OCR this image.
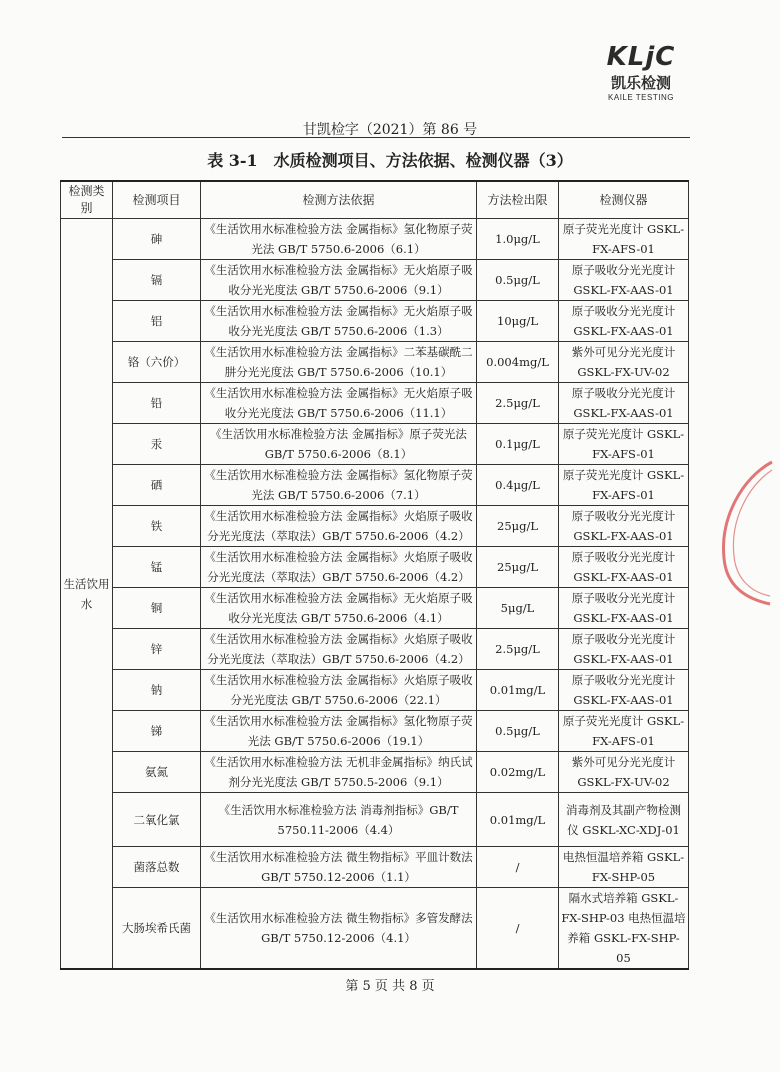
KLjC
凯乐检测
KAILE TESTING
甘凯检字（2021）第 86 号
表 3-1　水质检测项目、方法依据、检测仪器（3）
检测类别	检测项目	检测方法依据	方法检出限	检测仪器
生活饮用水	砷	《生活饮用水标准检验方法 金属指标》氢化物原子荧光法 GB/T 5750.6-2006（6.1）	1.0μg/L	原子荧光光度计 GSKL-FX-AFS-01
	镉	《生活饮用水标准检验方法 金属指标》无火焰原子吸收分光光度法 GB/T 5750.6-2006（9.1）	0.5μg/L	原子吸收分光光度计 GSKL-FX-AAS-01
	铝	《生活饮用水标准检验方法 金属指标》无火焰原子吸收分光光度法 GB/T 5750.6-2006（1.3）	10μg/L	原子吸收分光光度计 GSKL-FX-AAS-01
	铬（六价）	《生活饮用水标准检验方法 金属指标》二苯基碳酰二肼分光光度法 GB/T 5750.6-2006（10.1）	0.004mg/L	紫外可见分光光度计 GSKL-FX-UV-02
	铅	《生活饮用水标准检验方法 金属指标》无火焰原子吸收分光光度法 GB/T 5750.6-2006（11.1）	2.5μg/L	原子吸收分光光度计 GSKL-FX-AAS-01
	汞	《生活饮用水标准检验方法 金属指标》原子荧光法 GB/T 5750.6-2006（8.1）	0.1μg/L	原子荧光光度计 GSKL-FX-AFS-01
	硒	《生活饮用水标准检验方法 金属指标》氢化物原子荧光法 GB/T 5750.6-2006（7.1）	0.4μg/L	原子荧光光度计 GSKL-FX-AFS-01
	铁	《生活饮用水标准检验方法 金属指标》火焰原子吸收分光光度法（萃取法）GB/T 5750.6-2006（4.2）	25μg/L	原子吸收分光光度计 GSKL-FX-AAS-01
	锰	《生活饮用水标准检验方法 金属指标》火焰原子吸收分光光度法（萃取法）GB/T 5750.6-2006（4.2）	25μg/L	原子吸收分光光度计 GSKL-FX-AAS-01
	铜	《生活饮用水标准检验方法 金属指标》无火焰原子吸收分光光度法 GB/T 5750.6-2006（4.1）	5μg/L	原子吸收分光光度计 GSKL-FX-AAS-01
	锌	《生活饮用水标准检验方法 金属指标》火焰原子吸收分光光度法（萃取法）GB/T 5750.6-2006（4.2）	2.5μg/L	原子吸收分光光度计 GSKL-FX-AAS-01
	钠	《生活饮用水标准检验方法 金属指标》火焰原子吸收分光光度法 GB/T 5750.6-2006（22.1）	0.01mg/L	原子吸收分光光度计 GSKL-FX-AAS-01
	锑	《生活饮用水标准检验方法 金属指标》氢化物原子荧光法 GB/T 5750.6-2006（19.1）	0.5μg/L	原子荧光光度计 GSKL-FX-AFS-01
	氨氮	《生活饮用水标准检验方法 无机非金属指标》纳氏试剂分光光度法 GB/T 5750.5-2006（9.1）	0.02mg/L	紫外可见分光光度计 GSKL-FX-UV-02
	二氧化氯	《生活饮用水标准检验方法 消毒剂指标》GB/T 5750.11-2006（4.4）	0.01mg/L	消毒剂及其副产物检测仪 GSKL-XC-XDJ-01
	菌落总数	《生活饮用水标准检验方法 微生物指标》平皿计数法 GB/T 5750.12-2006（1.1）	/	电热恒温培养箱 GSKL-FX-SHP-05
	大肠埃希氏菌	《生活饮用水标准检验方法 微生物指标》多管发酵法 GB/T 5750.12-2006（4.1）	/	隔水式培养箱 GSKL-FX-SHP-03 电热恒温培养箱 GSKL-FX-SHP-05
第 5 页 共 8 页
